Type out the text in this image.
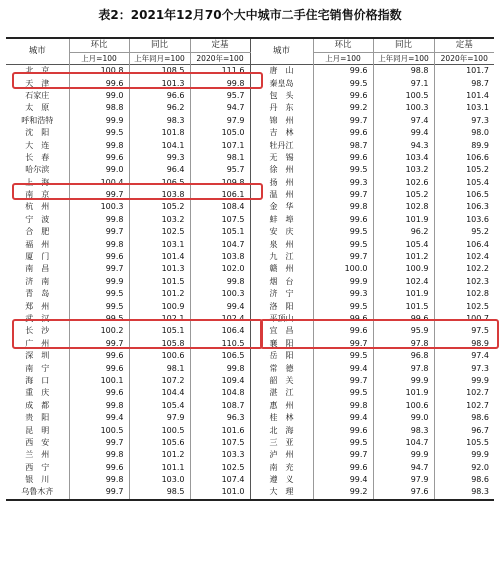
表2：2021年12月70个大中城市二手住宅销售价格指数
城市	环比	同比	定基	城市	环比	同比	定基
	上月=100	上年同月=100	2020年=100		上月=100	上年同月=100	2020年=100
北　京	100.8	108.5	111.6	唐　山	99.6	98.8	101.7
天　津	99.6	101.3	99.8	秦皇岛	99.5	97.1	98.7
石家庄	99.0	96.6	95.7	包　头	99.6	100.5	101.4
太　原	98.8	96.2	94.7	丹　东	99.2	100.3	103.1
呼和浩特	99.9	98.3	97.9	锦　州	99.7	97.4	97.3
沈　阳	99.5	101.8	105.0	吉　林	99.6	99.4	98.0
大　连	99.8	104.1	107.1	牡丹江	98.7	94.3	89.9
长　春	99.6	99.3	98.1	无　锡	99.6	103.4	106.6
哈尔滨	99.0	96.4	95.7	徐　州	99.5	103.2	105.2
上　海	100.4	106.5	109.8	扬　州	99.3	102.6	105.4
南　京	99.7	103.8	106.1	温　州	99.7	105.2	106.5
杭　州	100.3	105.2	108.4	金　华	99.8	102.8	106.3
宁　波	99.8	103.2	107.5	蚌　埠	99.6	101.9	103.6
合　肥	99.7	102.5	105.1	安　庆	99.5	96.2	95.2
福　州	99.8	103.1	104.7	泉　州	99.5	105.4	106.4
厦　门	99.6	101.4	103.8	九　江	99.7	101.2	102.4
南　昌	99.7	101.3	102.0	赣　州	100.0	100.9	102.2
济　南	99.9	101.5	99.8	烟　台	99.9	102.4	102.3
青　岛	99.5	101.2	100.3	济　宁	99.3	101.9	102.8
郑　州	99.5	100.9	99.4	洛　阳	99.5	101.5	102.5
武　汉	99.5	102.1	102.4	平顶山	99.6	99.6	100.7
长　沙	100.2	105.1	106.4	宜　昌	99.6	95.9	97.5
广　州	99.7	105.8	110.5	襄　阳	99.7	97.8	98.9
深　圳	99.6	100.6	106.5	岳　阳	99.5	96.8	97.4
南　宁	99.6	98.1	99.8	常　德	99.4	97.8	97.3
海　口	100.1	107.2	109.4	韶　关	99.7	99.9	99.9
重　庆	99.6	104.4	104.8	湛　江	99.5	101.9	102.7
成　都	99.8	105.4	108.7	惠　州	99.8	100.6	102.7
贵　阳	99.4	97.9	96.3	桂　林	99.4	99.0	98.6
昆　明	100.5	100.5	101.6	北　海	99.6	98.3	96.7
西　安	99.7	105.6	107.5	三　亚	99.5	104.7	105.5
兰　州	99.8	101.2	103.3	泸　州	99.7	99.9	99.9
西　宁	99.6	101.1	102.5	南　充	99.6	94.7	92.0
银　川	99.8	103.0	107.4	遵　义	99.4	97.9	98.6
乌鲁木齐	99.7	98.5	101.0	大　理	99.2	97.6	98.3
